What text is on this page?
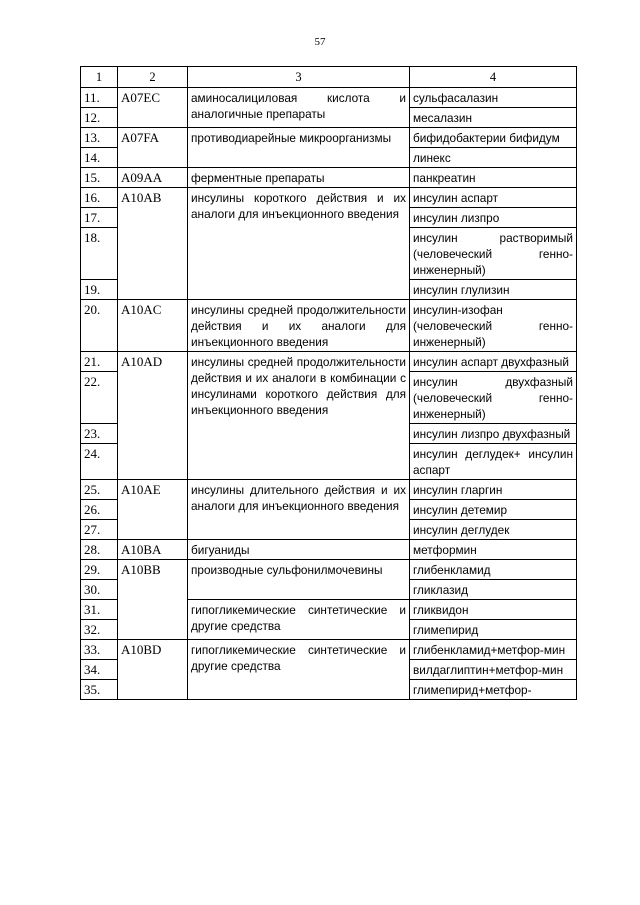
57
1	2	3	4
11.	A07EC	аминосалициловая кислота и аналогичные препараты	сульфасалазин
12.			месалазин
13.	A07FA	противодиарейные микроорганизмы	бифидобактерии бифидум
14.			линекс
15.	A09AA	ферментные препараты	панкреатин
16.	A10AB	инсулины короткого действия и их аналоги для инъекционного введения	инсулин аспарт
17.			инсулин лизпро
18.			инсулин растворимый (человеческий генно-инженерный)
19.			инсулин глулизин
20.	A10AC	инсулины средней продолжительности действия и их аналоги для инъекционного введения	инсулин-изофан (человеческий генно-инженерный)
21.	A10AD	инсулины средней продолжительности действия и их аналоги в комбинации с инсулинами короткого действия для инъекционного введения	инсулин аспарт двухфазный
22.			инсулин двухфазный (человеческий генно-инженерный)
23.			инсулин лизпро двухфазный
24.			инсулин деглудек+ инсулин аспарт
25.	A10AE	инсулины длительного действия и их аналоги для инъекционного введения	инсулин гларгин
26.			инсулин детемир
27.			инсулин деглудек
28.	A10BA	бигуаниды	метформин
29.	A10BB	производные сульфонилмочевины	глибенкламид
30.			гликлазид
31.		гипогликемические синтетические и другие средства	гликвидон
32.			глимепирид
33.	A10BD	гипогликемические синтетические и другие средства	глибенкламид+метфор-мин
34.			вилдаглиптин+метфор-мин
35.			глимепирид+метфор-
